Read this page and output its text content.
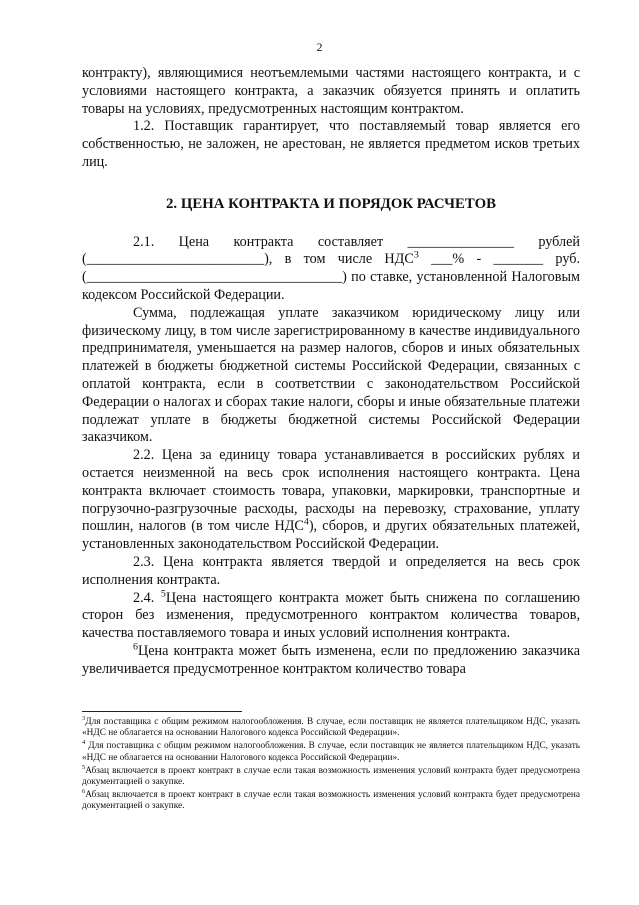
2

контракту), являющимися неотъемлемыми частями настоящего контракта, и с условиями настоящего контракта, а заказчик обязуется принять и оплатить товары на условиях, предусмотренных настоящим контрактом.

1.2. Поставщик гарантирует, что поставляемый товар является его собственностью, не заложен, не арестован, не является предметом исков третьих лиц.

2. ЦЕНА КОНТРАКТА И ПОРЯДОК РАСЧЕТОВ

2.1. Цена контракта составляет _______________ рублей (_________________________), в том числе НДС$^3$ ___% - _______ руб. (____________________________________) по ставке, установленной Налоговым кодексом Российской Федерации.

Сумма, подлежащая уплате заказчиком юридическому лицу или физическому лицу, в том числе зарегистрированному в качестве индивидуального предпринимателя, уменьшается на размер налогов, сборов и иных обязательных платежей в бюджеты бюджетной системы Российской Федерации, связанных с оплатой контракта, если в соответствии с законодательством Российской Федерации о налогах и сборах такие налоги, сборы и иные обязательные платежи подлежат уплате в бюджеты бюджетной системы Российской Федерации заказчиком.

2.2. Цена за единицу товара устанавливается в российских рублях и остается неизменной на весь срок исполнения настоящего контракта. Цена контракта включает стоимость товара, упаковки, маркировки, транспортные и погрузочно-разгрузочные расходы, расходы на перевозку, страхование, уплату пошлин, налогов (в том числе НДС$^4$), сборов, и других обязательных платежей, установленных законодательством Российской Федерации.

2.3. Цена контракта является твердой и определяется на весь срок исполнения контракта.

2.4. $^5$Цена настоящего контракта может быть снижена по соглашению сторон без изменения, предусмотренного контрактом количества товаров, качества поставляемого товара и иных условий исполнения контракта.

$^6$Цена контракта может быть изменена, если по предложению заказчика увеличивается предусмотренное контрактом количество товара

$^3$Для поставщика с общим режимом налогообложения. В случае, если поставщик не является плательщиком НДС, указать «НДС не облагается на основании Налогового кодекса Российской Федерации».

$^4$ Для поставщика с общим режимом налогообложения. В случае, если поставщик не является плательщиком НДС, указать «НДС не облагается на основании Налогового кодекса Российской Федерации».

$^5$Абзац включается в проект контракт в случае если такая возможность изменения условий контракта будет предусмотрена документацией о закупке.

$^6$Абзац включается в проект контракт в случае если такая возможность изменения условий контракта будет предусмотрена документацией о закупке.
